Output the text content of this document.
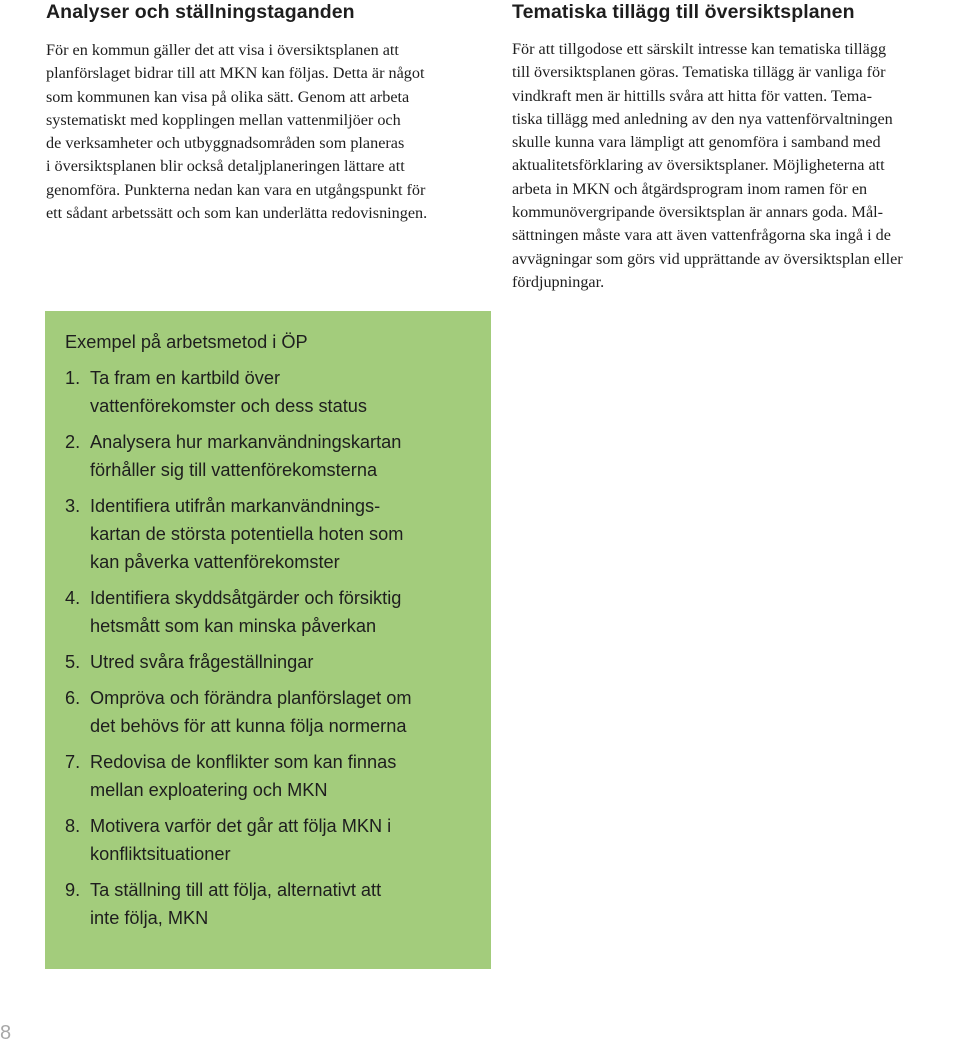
Analyser och ställningstaganden

För en kommun gäller det att visa i översiktsplanen att
planförslaget bidrar till att MKN kan följas. Detta är något
som kommunen kan visa på olika sätt. Genom att arbeta
systematiskt med kopplingen mellan vattenmiljöer och
de verksamheter och utbyggnadsområden som planeras
i översiktsplanen blir också detaljplaneringen lättare att
genomföra. Punkterna nedan kan vara en utgångspunkt för
ett sådant arbetssätt och som kan underlätta redovisningen.

Tematiska tillägg till översiktsplanen

För att tillgodose ett särskilt intresse kan tematiska tillägg
till översiktsplanen göras. Tematiska tillägg är vanliga för
vindkraft men är hittills svåra att hitta för vatten. Tema-
tiska tillägg med anledning av den nya vattenförvaltningen
skulle kunna vara lämpligt att genomföra i samband med
aktualitetsförklaring av översiktsplaner. Möjligheterna att
arbeta in MKN och åtgärdsprogram inom ramen för en
kommunövergripande översiktsplan är annars goda. Mål-
sättningen måste vara att även vattenfrågorna ska ingå i de
avvägningar som görs vid upprättande av översiktsplan eller
fördjupningar.

Exempel på arbetsmetod i ÖP
1. Ta fram en kartbild över
vattenförekomster och dess status
2. Analysera hur markanvändningskartan
förhåller sig till vattenförekomsterna
3. Identifiera utifrån markanvändnings-
kartan de största potentiella hoten som
kan påverka vattenförekomster
4. Identifiera skyddsåtgärder och försiktig
hetsmått som kan minska påverkan
5. Utred svåra frågeställningar
6. Ompröva och förändra planförslaget om
det behövs för att kunna följa normerna
7. Redovisa de konflikter som kan finnas
mellan exploatering och MKN
8. Motivera varför det går att följa MKN i
konfliktsituationer
9. Ta ställning till att följa, alternativt att
inte följa, MKN
8
